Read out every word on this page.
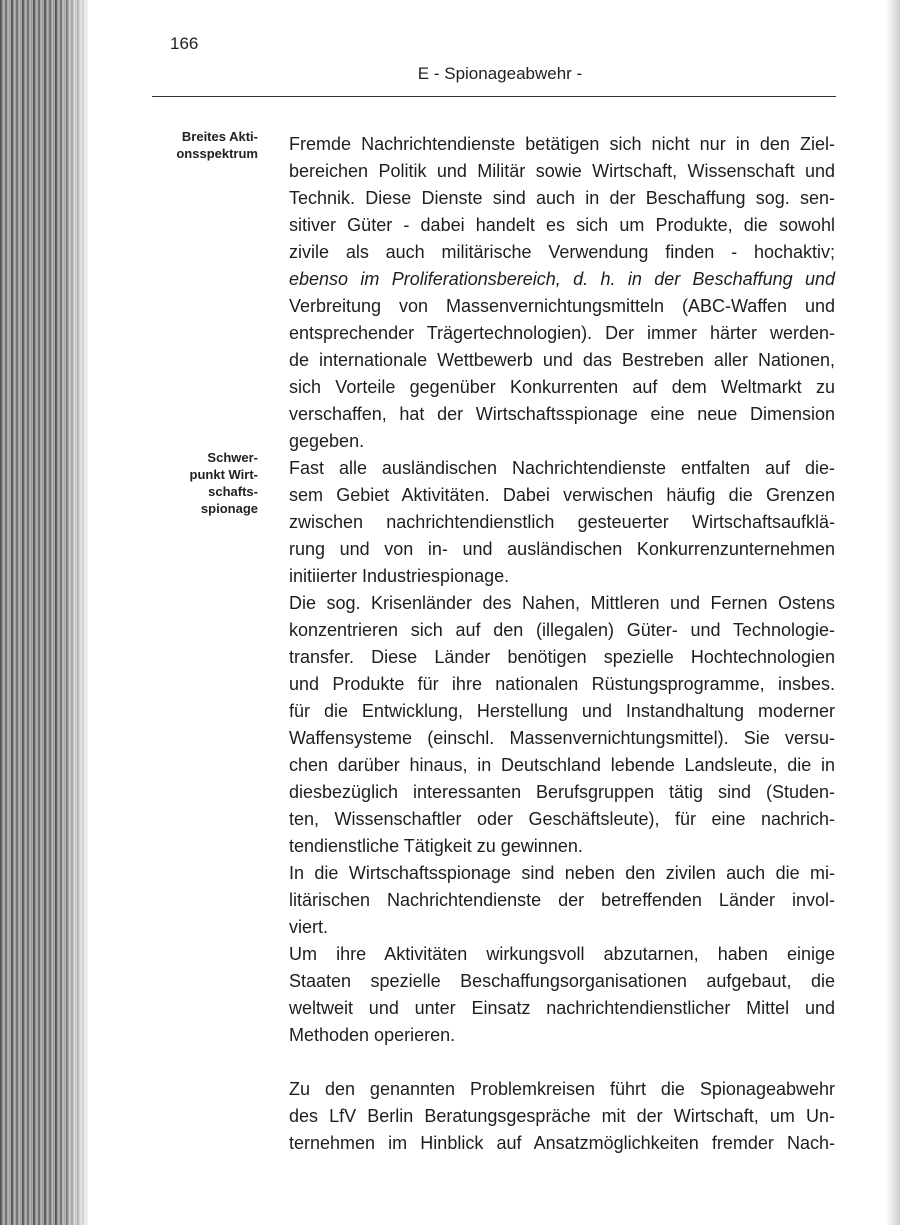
166
E - Spionageabwehr -
Breites Akti-
onsspektrum
Schwer-
punkt Wirt-
schafts-
spionage
Fremde Nachrichtendienste betätigen sich nicht nur in den Ziel-
bereichen Politik und Militär sowie Wirtschaft, Wissenschaft und
Technik. Diese Dienste sind auch in der Beschaffung sog. sen-
sitiver Güter - dabei handelt es sich um Produkte, die sowohl
zivile als auch militärische Verwendung finden - hochaktiv;
ebenso im Proliferationsbereich, d. h. in der Beschaffung und
Verbreitung von Massenvernichtungsmitteln (ABC-Waffen und
entsprechender Trägertechnologien). Der immer härter werden-
de internationale Wettbewerb und das Bestreben aller Nationen,
sich Vorteile gegenüber Konkurrenten auf dem Weltmarkt zu
verschaffen, hat der Wirtschaftsspionage eine neue Dimension
gegeben.
Fast alle ausländischen Nachrichtendienste entfalten auf die-
sem Gebiet Aktivitäten. Dabei verwischen häufig die Grenzen
zwischen nachrichtendienstlich gesteuerter Wirtschaftsaufklä-
rung und von in- und ausländischen Konkurrenzunternehmen
initiierter Industriespionage.
Die sog. Krisenländer des Nahen, Mittleren und Fernen Ostens
konzentrieren sich auf den (illegalen) Güter- und Technologie-
transfer. Diese Länder benötigen spezielle Hochtechnologien
und Produkte für ihre nationalen Rüstungsprogramme, insbes.
für die Entwicklung, Herstellung und Instandhaltung moderner
Waffensysteme (einschl. Massenvernichtungsmittel). Sie versu-
chen darüber hinaus, in Deutschland lebende Landsleute, die in
diesbezüglich interessanten Berufsgruppen tätig sind (Studen-
ten, Wissenschaftler oder Geschäftsleute), für eine nachrich-
tendienstliche Tätigkeit zu gewinnen.
In die Wirtschaftsspionage sind neben den zivilen auch die mi-
litärischen Nachrichtendienste der betreffenden Länder invol-
viert.
Um ihre Aktivitäten wirkungsvoll abzutarnen, haben einige
Staaten spezielle Beschaffungsorganisationen aufgebaut, die
weltweit und unter Einsatz nachrichtendienstlicher Mittel und
Methoden operieren.
Zu den genannten Problemkreisen führt die Spionageabwehr
des LfV Berlin Beratungsgespräche mit der Wirtschaft, um Un-
ternehmen im Hinblick auf Ansatzmöglichkeiten fremder Nach-
